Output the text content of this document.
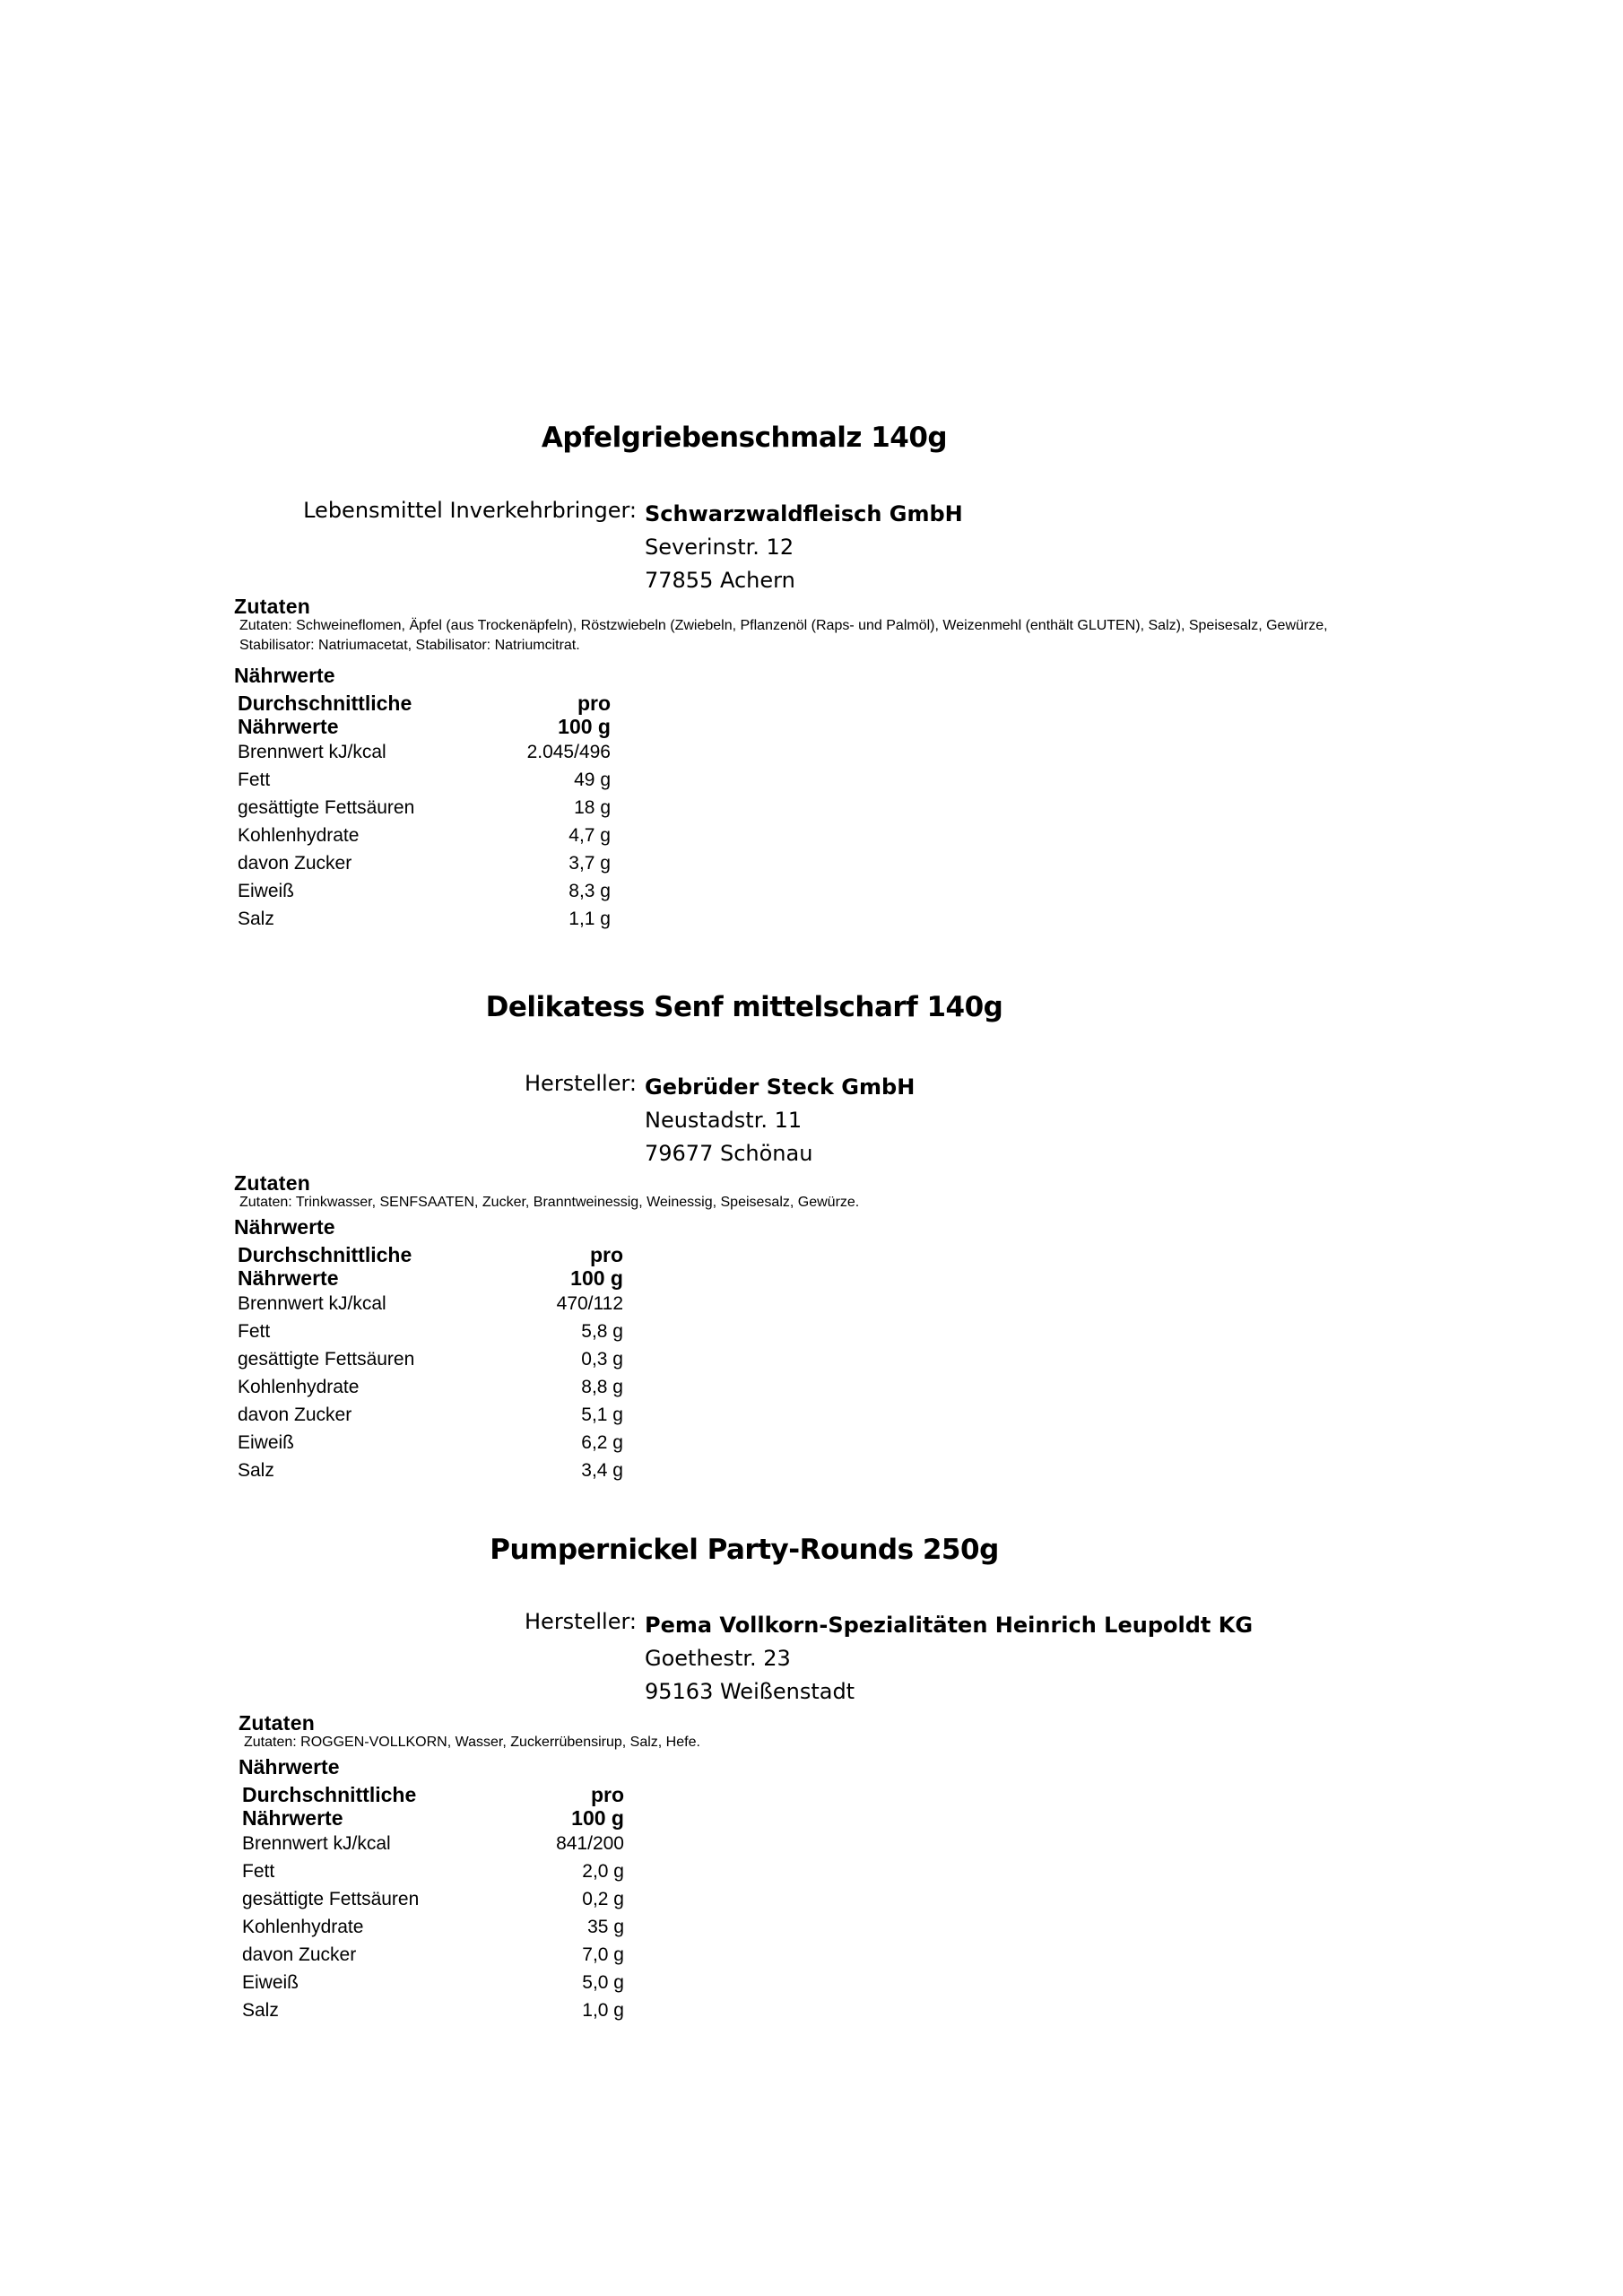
Apfelgriebenschmalz 140g
Lebensmittel Inverkehrbringer: Schwarzwaldfleisch GmbH
Severinstr. 12
77855 Achern
Zutaten
Zutaten: Schweineflomen, Äpfel (aus Trockenäpfeln), Röstzwiebeln (Zwiebeln, Pflanzenöl (Raps- und Palmöl), Weizenmehl (enthält GLUTEN), Salz), Speisesalz, Gewürze, Stabilisator: Natriumacetat, Stabilisator: Natriumcitrat.
Nährwerte
Durchschnittliche	pro
Nährwerte	100 g
Brennwert kJ/kcal	2.045/496
Fett	49 g
gesättigte Fettsäuren	18 g
Kohlenhydrate	4,7 g
davon Zucker	3,7 g
Eiweiß	8,3 g
Salz	1,1 g
Delikatess Senf mittelscharf 140g
Hersteller: Gebrüder Steck GmbH
Neustadstr. 11
79677 Schönau
Zutaten
Zutaten: Trinkwasser, SENFSAATEN, Zucker, Branntweinessig, Weinessig, Speisesalz, Gewürze.
Nährwerte
Durchschnittliche	pro
Nährwerte	100 g
Brennwert kJ/kcal	470/112
Fett	5,8 g
gesättigte Fettsäuren	0,3 g
Kohlenhydrate	8,8 g
davon Zucker	5,1 g
Eiweiß	6,2 g
Salz	3,4 g
Pumpernickel Party-Rounds 250g
Hersteller: Pema Vollkorn-Spezialitäten Heinrich Leupoldt KG
Goethestr. 23
95163 Weißenstadt
Zutaten
Zutaten: ROGGEN-VOLLKORN, Wasser, Zuckerrübensirup, Salz, Hefe.
Nährwerte
Durchschnittliche	pro
Nährwerte	100 g
Brennwert kJ/kcal	841/200
Fett	2,0 g
gesättigte Fettsäuren	0,2 g
Kohlenhydrate	35 g
davon Zucker	7,0 g
Eiweiß	5,0 g
Salz	1,0 g
